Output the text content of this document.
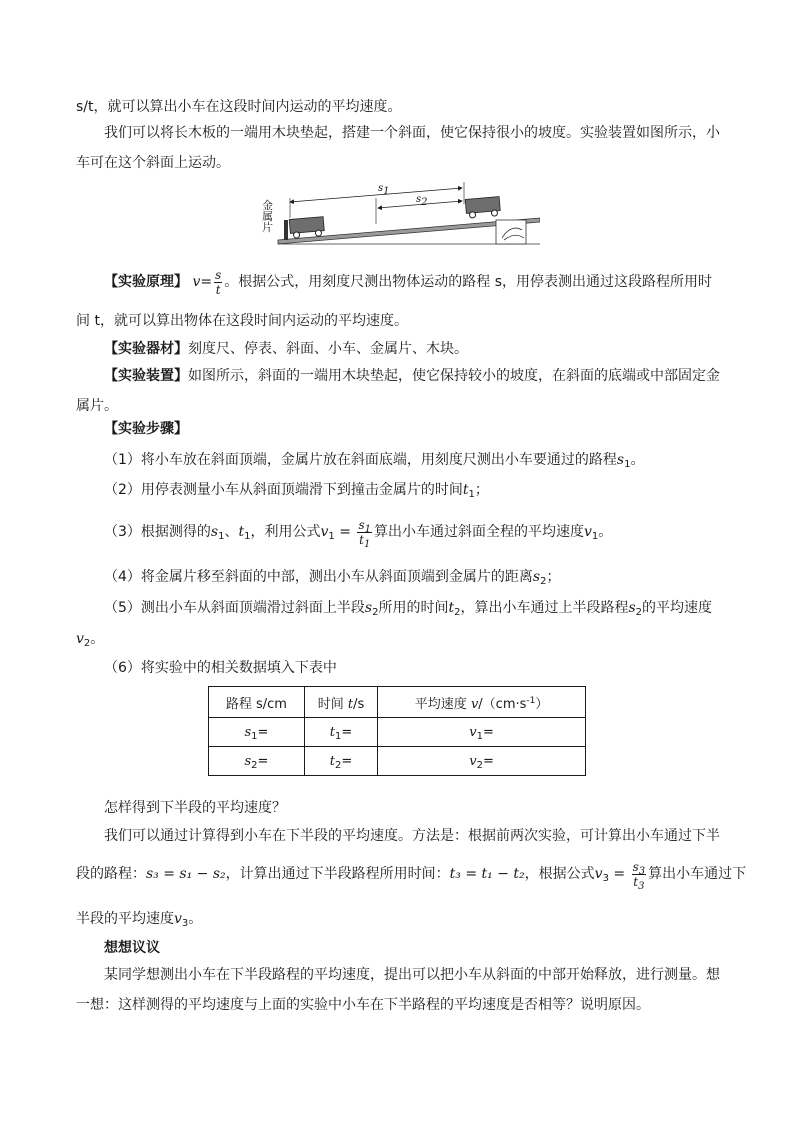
s/t，就可以算出小车在这段时间内运动的平均速度。

我们可以将长木板的一端用木块垫起，搭建一个斜面，使它保持很小的坡度。实验装置如图所示，小车可在这个斜面上运动。

金
属
片
$s_1$
$s_2$

【实验原理】 $v= \frac{s}{t}$ 。根据公式，用刻度尺测出物体运动的路程 s，用停表测出通过这段路程所用时

间 t，就可以算出物体在这段时间内运动的平均速度。

【实验器材】刻度尺、停表、斜面、小车、金属片、木块。

【实验装置】如图所示，斜面的一端用木块垫起，使它保持较小的坡度，在斜面的底端或中部固定金属片。

【实验步骤】

（1）将小车放在斜面顶端，金属片放在斜面底端，用刻度尺测出小车要通过的路程$s_1$。

（2）用停表测量小车从斜面顶端滑下到撞击金属片的时间$t_1$；

（3）根据测得的$s_1$、$t_1$，利用公式$v_1 = \frac{s_1}{t_1}$ 算出小车通过斜面全程的平均速度$v_1$。

（4）将金属片移至斜面的中部，测出小车从斜面顶端到金属片的距离$s_2$；

（5）测出小车从斜面顶端滑过斜面上半段$s_2$所用的时间$t_2$，算出小车通过上半段路程$s_2$的平均速度

$v_2$。

（6）将实验中的相关数据填入下表中

路程 s/cm	时间 t/s	平均速度 $v/(cm\cdot s^{-1})$
$s_1=$	$t_1=$	$v_1=$
$s_2=$	$t_2=$	$v_2=$

怎样得到下半段的平均速度？

我们可以通过计算得到小车在下半段的平均速度。方法是：根据前两次实验，可计算出小车通过下半

段的路程：s₃ = s₁ − s₂，计算出通过下半段路程所用时间：t₃ = t₁ − t₂，根据公式$v_3 = \frac{s_3}{t_3}$ 算出小车通过下

半段的平均速度$v_3$。

想想议议

某同学想测出小车在下半段路程的平均速度，提出可以把小车从斜面的中部开始释放，进行测量。想一想：这样测得的平均速度与上面的实验中小车在下半路程的平均速度是否相等？说明原因。
